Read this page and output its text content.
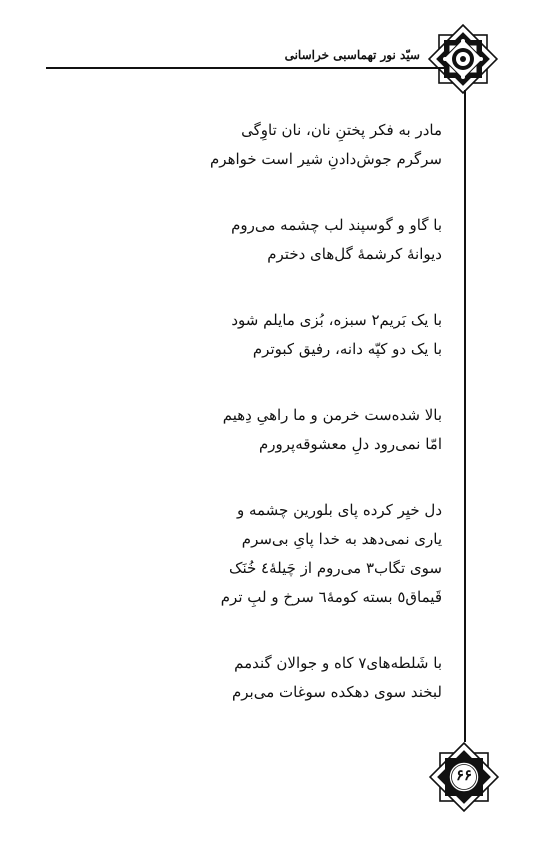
سیّد نور تهماسبی خراسانی
مادر به فکر پختنِ نان، نان تاوِگی
سرگرم جوش‌دادنِ شیر است خواهرم
با گاو و گوسپند لب چشمه می‌روم
دیوانهٔ کرشمهٔ گل‌های دخترم
با یک بَریم۲ سبزه، بُزی مایلم شود
با یک دو کپّه دانه، رفیق کبوترم
بالا شده‌ست خرمن و ما راهیِ دِهیم
امّا نمی‌رود دلِ معشوقه‌پرورم
دل خیِر کرده پای بلورین چشمه و
یاری نمی‌دهد به خدا پایِ بی‌سرم
سوی تگاب۳ می‌روم از چَیلهٔ٤ خُنَک
قَیماق٥ بسته کومهٔ٦ سرخ و لبِ ترم
با شَلطه‌های٧ کاه و جوالان گندمم
لبخند سوی دهکده سوغات می‌برم
۶۶
